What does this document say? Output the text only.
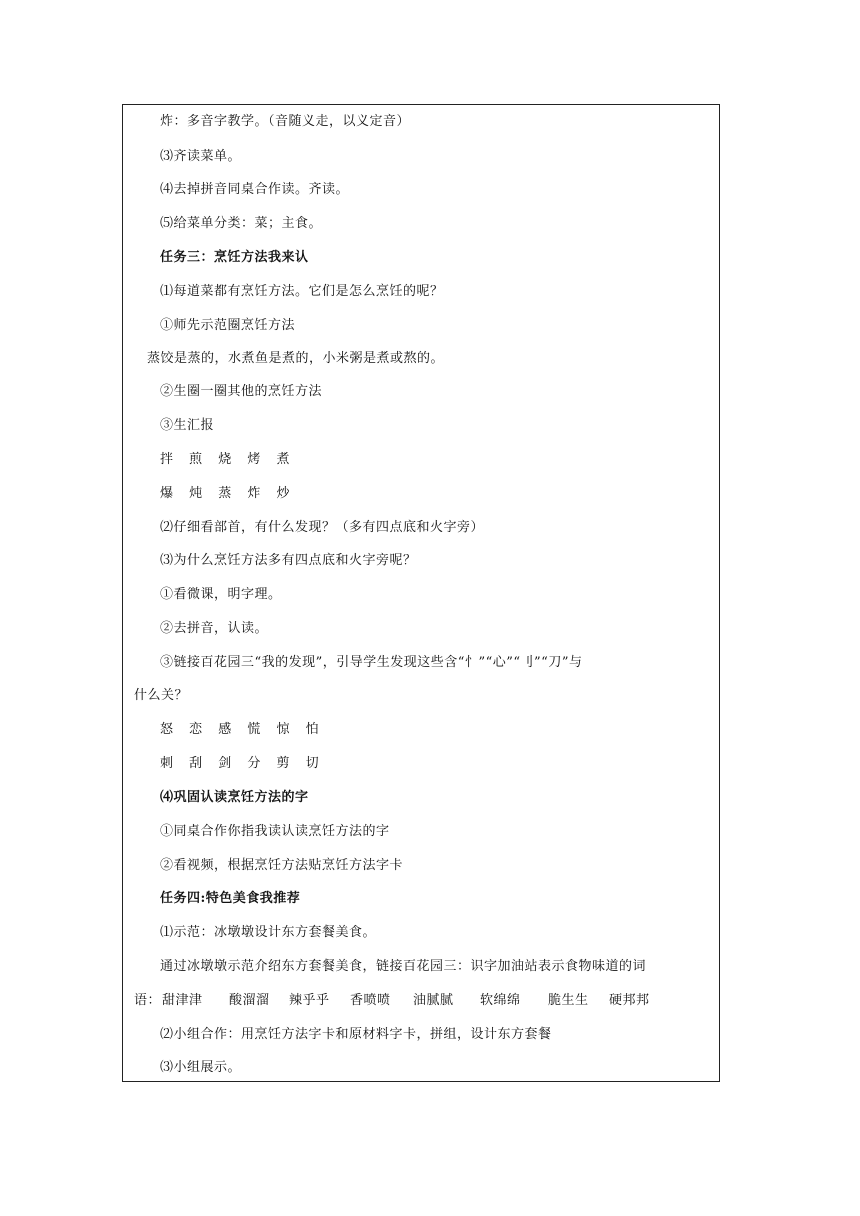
炸：多音字教学。（音随义走，以义定音）
⑶齐读菜单。
⑷去掉拼音同桌合作读。齐读。
⑸给菜单分类：菜；主食。
任务三：烹饪方法我来认
⑴每道菜都有烹饪方法。它们是怎么烹饪的呢？
①师先示范圈烹饪方法
蒸饺是蒸的，水煮鱼是煮的，小米粥是煮或熬的。
②生圈一圈其他的烹饪方法
③生汇报
拌 煎 烧 烤 煮
爆 炖 蒸 炸 炒
⑵仔细看部首，有什么发现？（多有四点底和火字旁）
⑶为什么烹饪方法多有四点底和火字旁呢？
①看微课，明字理。
②去拼音，认读。
③链接百花园三“我的发现”，引导学生发现这些含“忄”“心”“刂”“刀”与
什么关？
怒 恋 感 慌 惊 怕
刺 刮 剑 分 剪 切
⑷巩固认读烹饪方法的字
①同桌合作你指我读认读烹饪方法的字
②看视频，根据烹饪方法贴烹饪方法字卡
任务四:特色美食我推荐
⑴示范：冰墩墩设计东方套餐美食。
通过冰墩墩示范介绍东方套餐美食，链接百花园三：识字加油站表示食物味道的词
语： 甜津津 酸溜溜 辣乎乎 香喷喷 油腻腻 软绵绵 脆生生 硬邦邦
⑵小组合作：用烹饪方法字卡和原材料字卡，拼组，设计东方套餐
⑶小组展示。
